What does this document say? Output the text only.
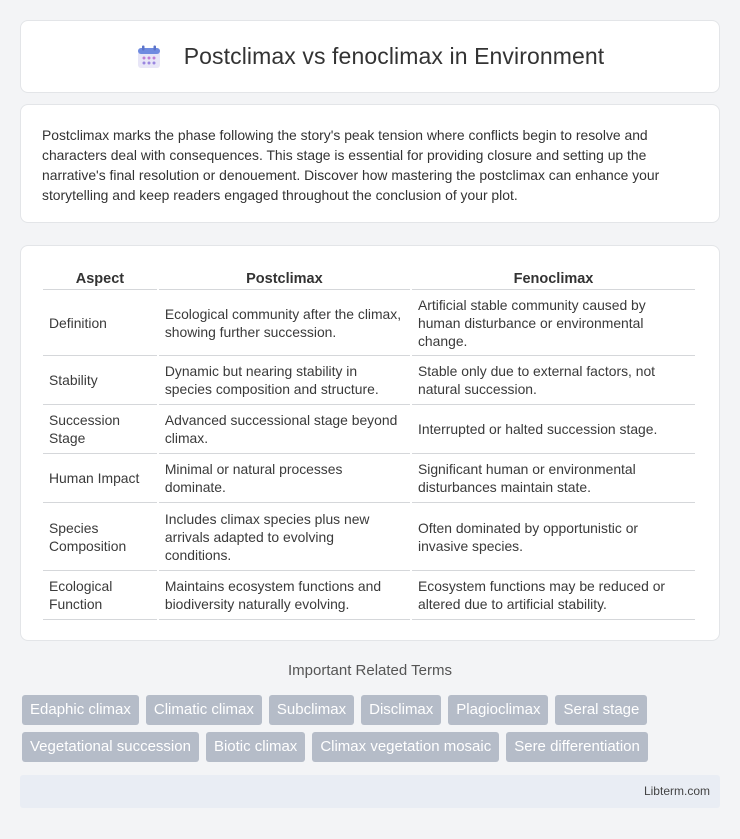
Postclimax vs fenoclimax in Environment

Postclimax marks the phase following the story's peak tension where conflicts begin to resolve and characters deal with consequences. This stage is essential for providing closure and setting up the narrative's final resolution or denouement. Discover how mastering the postclimax can enhance your storytelling and keep readers engaged throughout the conclusion of your plot.

Aspect	Postclimax	Fenoclimax
Definition	Ecological community after the climax, showing further succession.	Artificial stable community caused by human disturbance or environmental change.
Stability	Dynamic but nearing stability in species composition and structure.	Stable only due to external factors, not natural succession.
Succession Stage	Advanced successional stage beyond climax.	Interrupted or halted succession stage.
Human Impact	Minimal or natural processes dominate.	Significant human or environmental disturbances maintain state.
Species Composition	Includes climax species plus new arrivals adapted to evolving conditions.	Often dominated by opportunistic or invasive species.
Ecological Function	Maintains ecosystem functions and biodiversity naturally evolving.	Ecosystem functions may be reduced or altered due to artificial stability.
Important Related Terms
Edaphic climax	Climatic climax	Subclimax	Disclimax	Plagioclimax	Seral stage
Vegetational succession	Biotic climax	Climax vegetation mosaic	Sere differentiation
Libterm.com
